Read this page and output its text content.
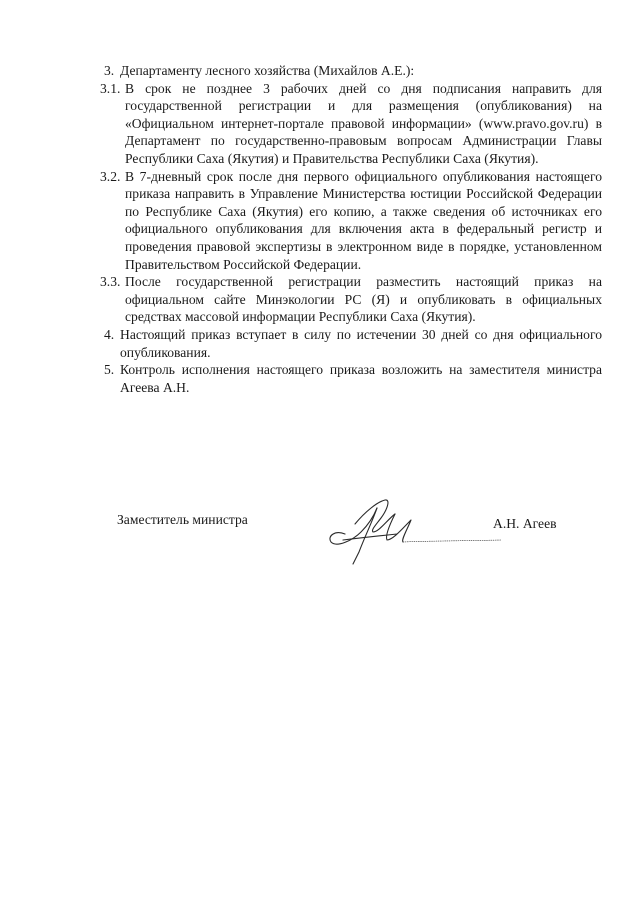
3. Департаменту лесного хозяйства (Михайлов А.Е.):
3.1. В срок не позднее 3 рабочих дней со дня подписания направить для государственной регистрации и для размещения (опубликования) на «Официальном интернет-портале правовой информации» (www.pravo.gov.ru) в Департамент по государственно-правовым вопросам Администрации Главы Республики Саха (Якутия) и Правительства Республики Саха (Якутия).
3.2. В 7-дневный срок после дня первого официального опубликования настоящего приказа направить в Управление Министерства юстиции Российской Федерации по Республике Саха (Якутия) его копию, а также сведения об источниках его официального опубликования для включения акта в федеральный регистр и проведения правовой экспертизы в электронном виде в порядке, установленном Правительством Российской Федерации.
3.3. После государственной регистрации разместить настоящий приказ на официальном сайте Минэкологии РС (Я) и опубликовать в официальных средствах массовой информации Республики Саха (Якутия).
4. Настоящий приказ вступает в силу по истечении 30 дней со дня официального опубликования.
5. Контроль исполнения настоящего приказа возложить на заместителя министра Агеева А.Н.
Заместитель министра	А.Н. Агеев
